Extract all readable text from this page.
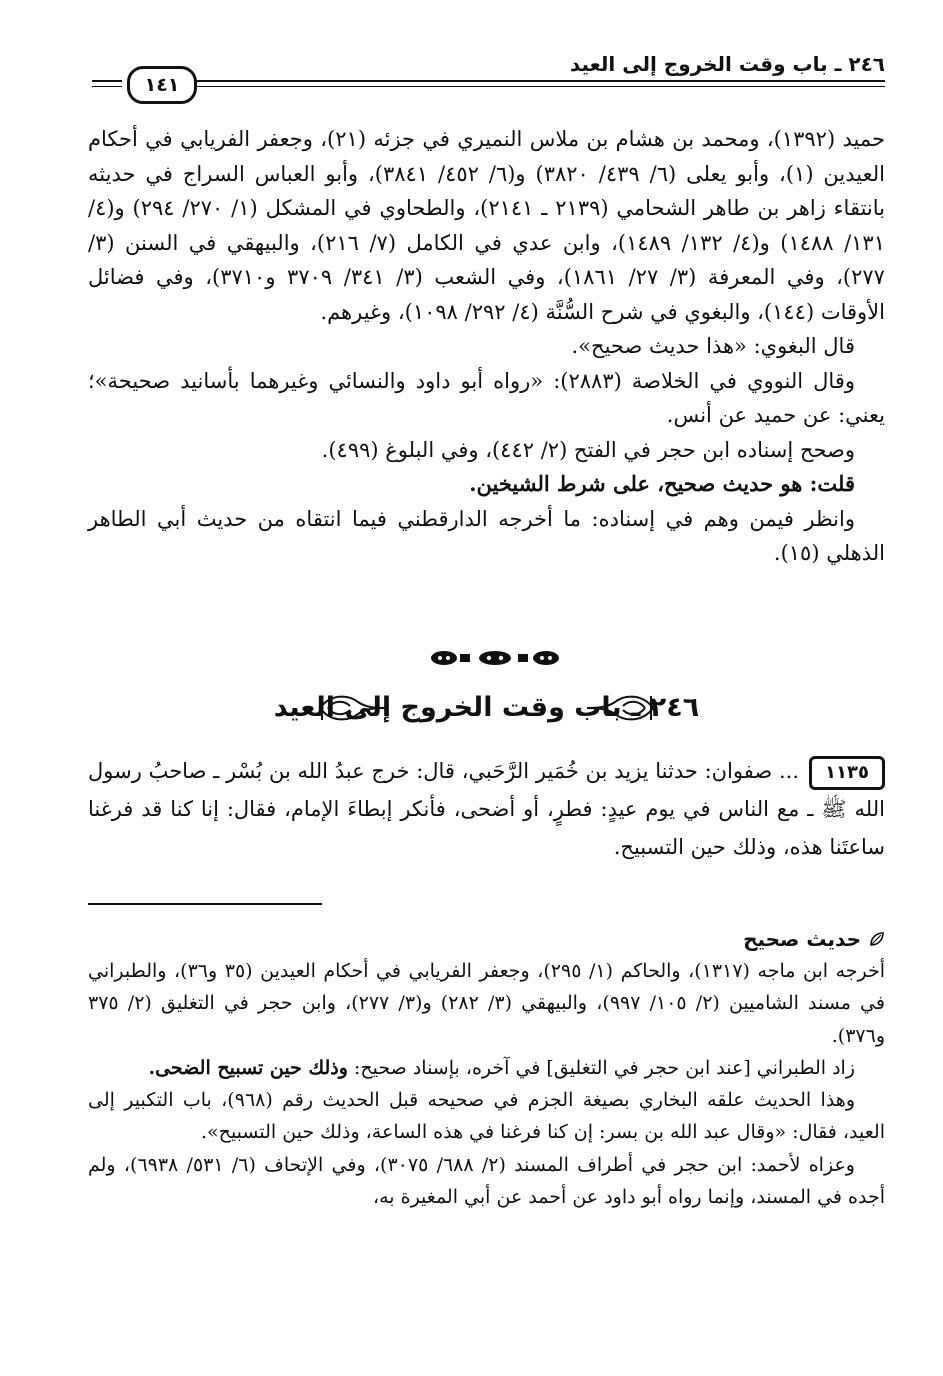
٢٤٦ ـ باب وقت الخروج إلى العيد
١٤١

حميد (١٣٩٢)، ومحمد بن هشام بن ملاس النميري في جزئه (٢١)، وجعفر الفريابي في أحكام العيدين (١)، وأبو يعلى (٦/ ٤٣٩/ ٣٨٢٠) و(٦/ ٤٥٢/ ٣٨٤١)، وأبو العباس السراج في حديثه بانتقاء زاهر بن طاهر الشحامي (٢١٣٩ ـ ٢١٤١)، والطحاوي في المشكل (١/ ٢٧٠/ ٢٩٤) و(٤/ ١٣١/ ١٤٨٨) و(٤/ ١٣٢/ ١٤٨٩)، وابن عدي في الكامل (٧/ ٢١٦)، والبيهقي في السنن (٣/ ٢٧٧)، وفي المعرفة (٣/ ٢٧/ ١٨٦١)، وفي الشعب (٣/ ٣٤١/ ٣٧٠٩ و٣٧١٠)، وفي فضائل الأوقات (١٤٤)، والبغوي في شرح السُّنَّة (٤/ ٢٩٢/ ١٠٩٨)، وغيرهم.

قال البغوي: «هذا حديث صحيح».

وقال النووي في الخلاصة (٢٨٨٣): «رواه أبو داود والنسائي وغيرهما بأسانيد صحيحة»؛ يعني: عن حميد عن أنس.

وصحح إسناده ابن حجر في الفتح (٢/ ٤٤٢)، وفي البلوغ (٤٩٩).

قلت: هو حديث صحيح، على شرط الشيخين.

وانظر فيمن وهم في إسناده: ما أخرجه الدارقطني فيما انتقاه من حديث أبي الطاهر الذهلي (١٥).

٢٤٦ ـ باب وقت الخروج إلى العيد

١١٣٥... صفوان: حدثنا يزيد بن خُمَير الرَّحَبي، قال: خرج عبدُ الله بن بُسْر ـ صاحبُ رسول الله ﷺ ـ مع الناس في يوم عيدٍ: فطرٍ، أو أضحى، فأنكر إبطاءَ الإمام، فقال: إنا كنا قد فرغنا ساعتَنا هذه، وذلك حين التسبيح.

حديث صحيح

أخرجه ابن ماجه (١٣١٧)، والحاكم (١/ ٢٩٥)، وجعفر الفريابي في أحكام العيدين (٣٥ و٣٦)، والطبراني في مسند الشاميين (٢/ ١٠٥/ ٩٩٧)، والبيهقي (٣/ ٢٨٢) و(٣/ ٢٧٧)، وابن حجر في التغليق (٢/ ٣٧٥ و٣٧٦).

زاد الطبراني [عند ابن حجر في التغليق] في آخره، بإسناد صحيح: وذلك حين تسبيح الضحى.

وهذا الحديث علقه البخاري بصيغة الجزم في صحيحه قبل الحديث رقم (٩٦٨)، باب التكبير إلى العيد، فقال: «وقال عبد الله بن بسر: إن كنا فرغنا في هذه الساعة، وذلك حين التسبيح».

وعزاه لأحمد: ابن حجر في أطراف المسند (٢/ ٦٨٨/ ٣٠٧٥)، وفي الإتحاف (٦/ ٥٣١/ ٦٩٣٨)، ولم أجده في المسند، وإنما رواه أبو داود عن أحمد عن أبي المغيرة به،
